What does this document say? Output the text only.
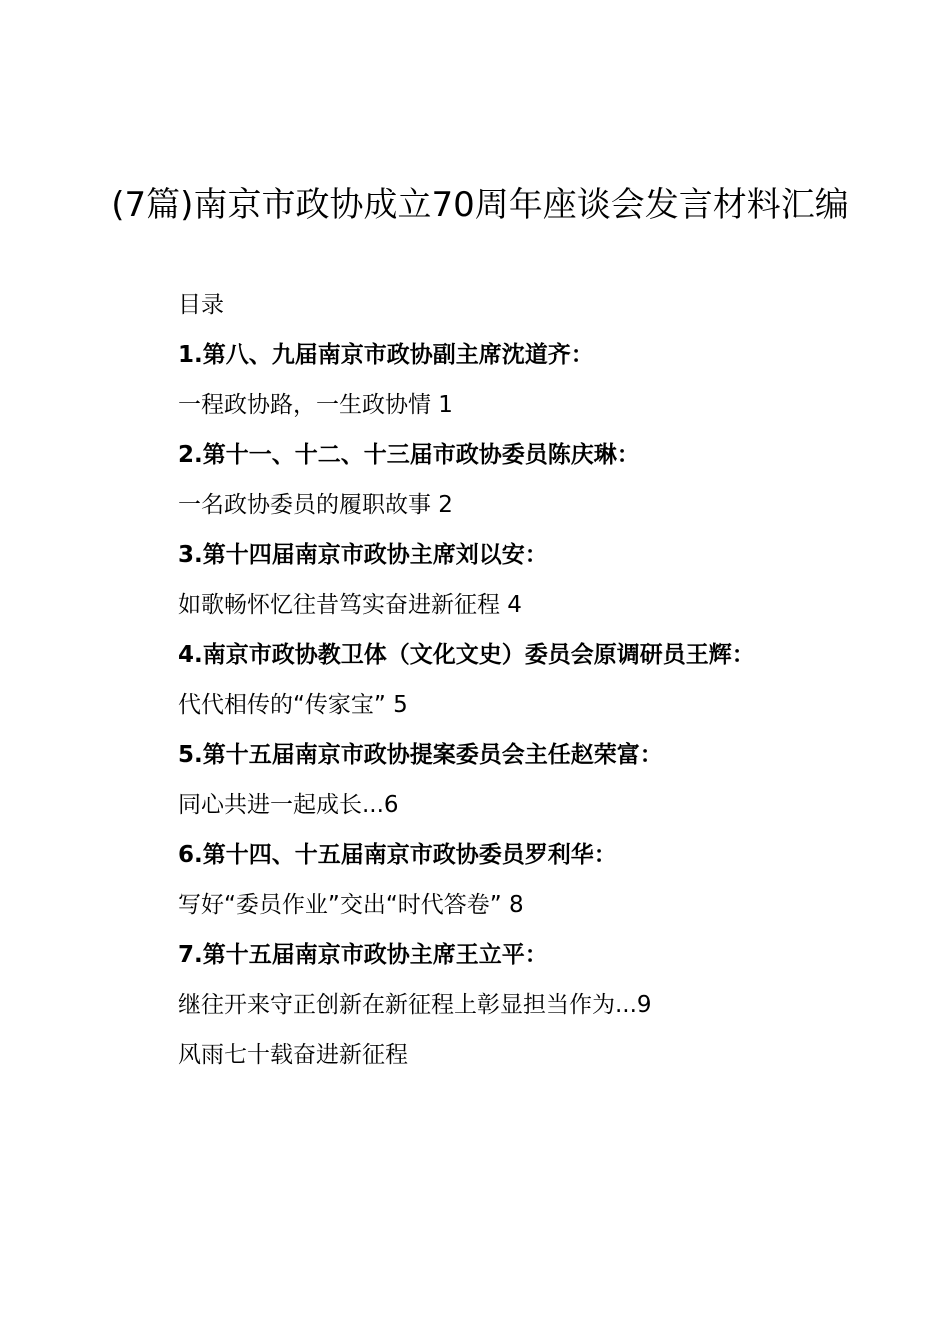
(7篇)南京市政协成立70周年座谈会发言材料汇编

目录

1.第八、九届南京市政协副主席沈道齐：

一程政协路，一生政协情 1

2.第十一、十二、十三届市政协委员陈庆琳：

一名政协委员的履职故事 2

3.第十四届南京市政协主席刘以安：

如歌畅怀忆往昔笃实奋进新征程 4

4.南京市政协教卫体（文化文史）委员会原调研员王辉：

代代相传的“传家宝” 5

5.第十五届南京市政协提案委员会主任赵荣富：

同心共进一起成长...6

6.第十四、十五届南京市政协委员罗利华：

写好“委员作业”交出“时代答卷” 8

7.第十五届南京市政协主席王立平：

继往开来守正创新在新征程上彰显担当作为...9

风雨七十载奋进新征程
